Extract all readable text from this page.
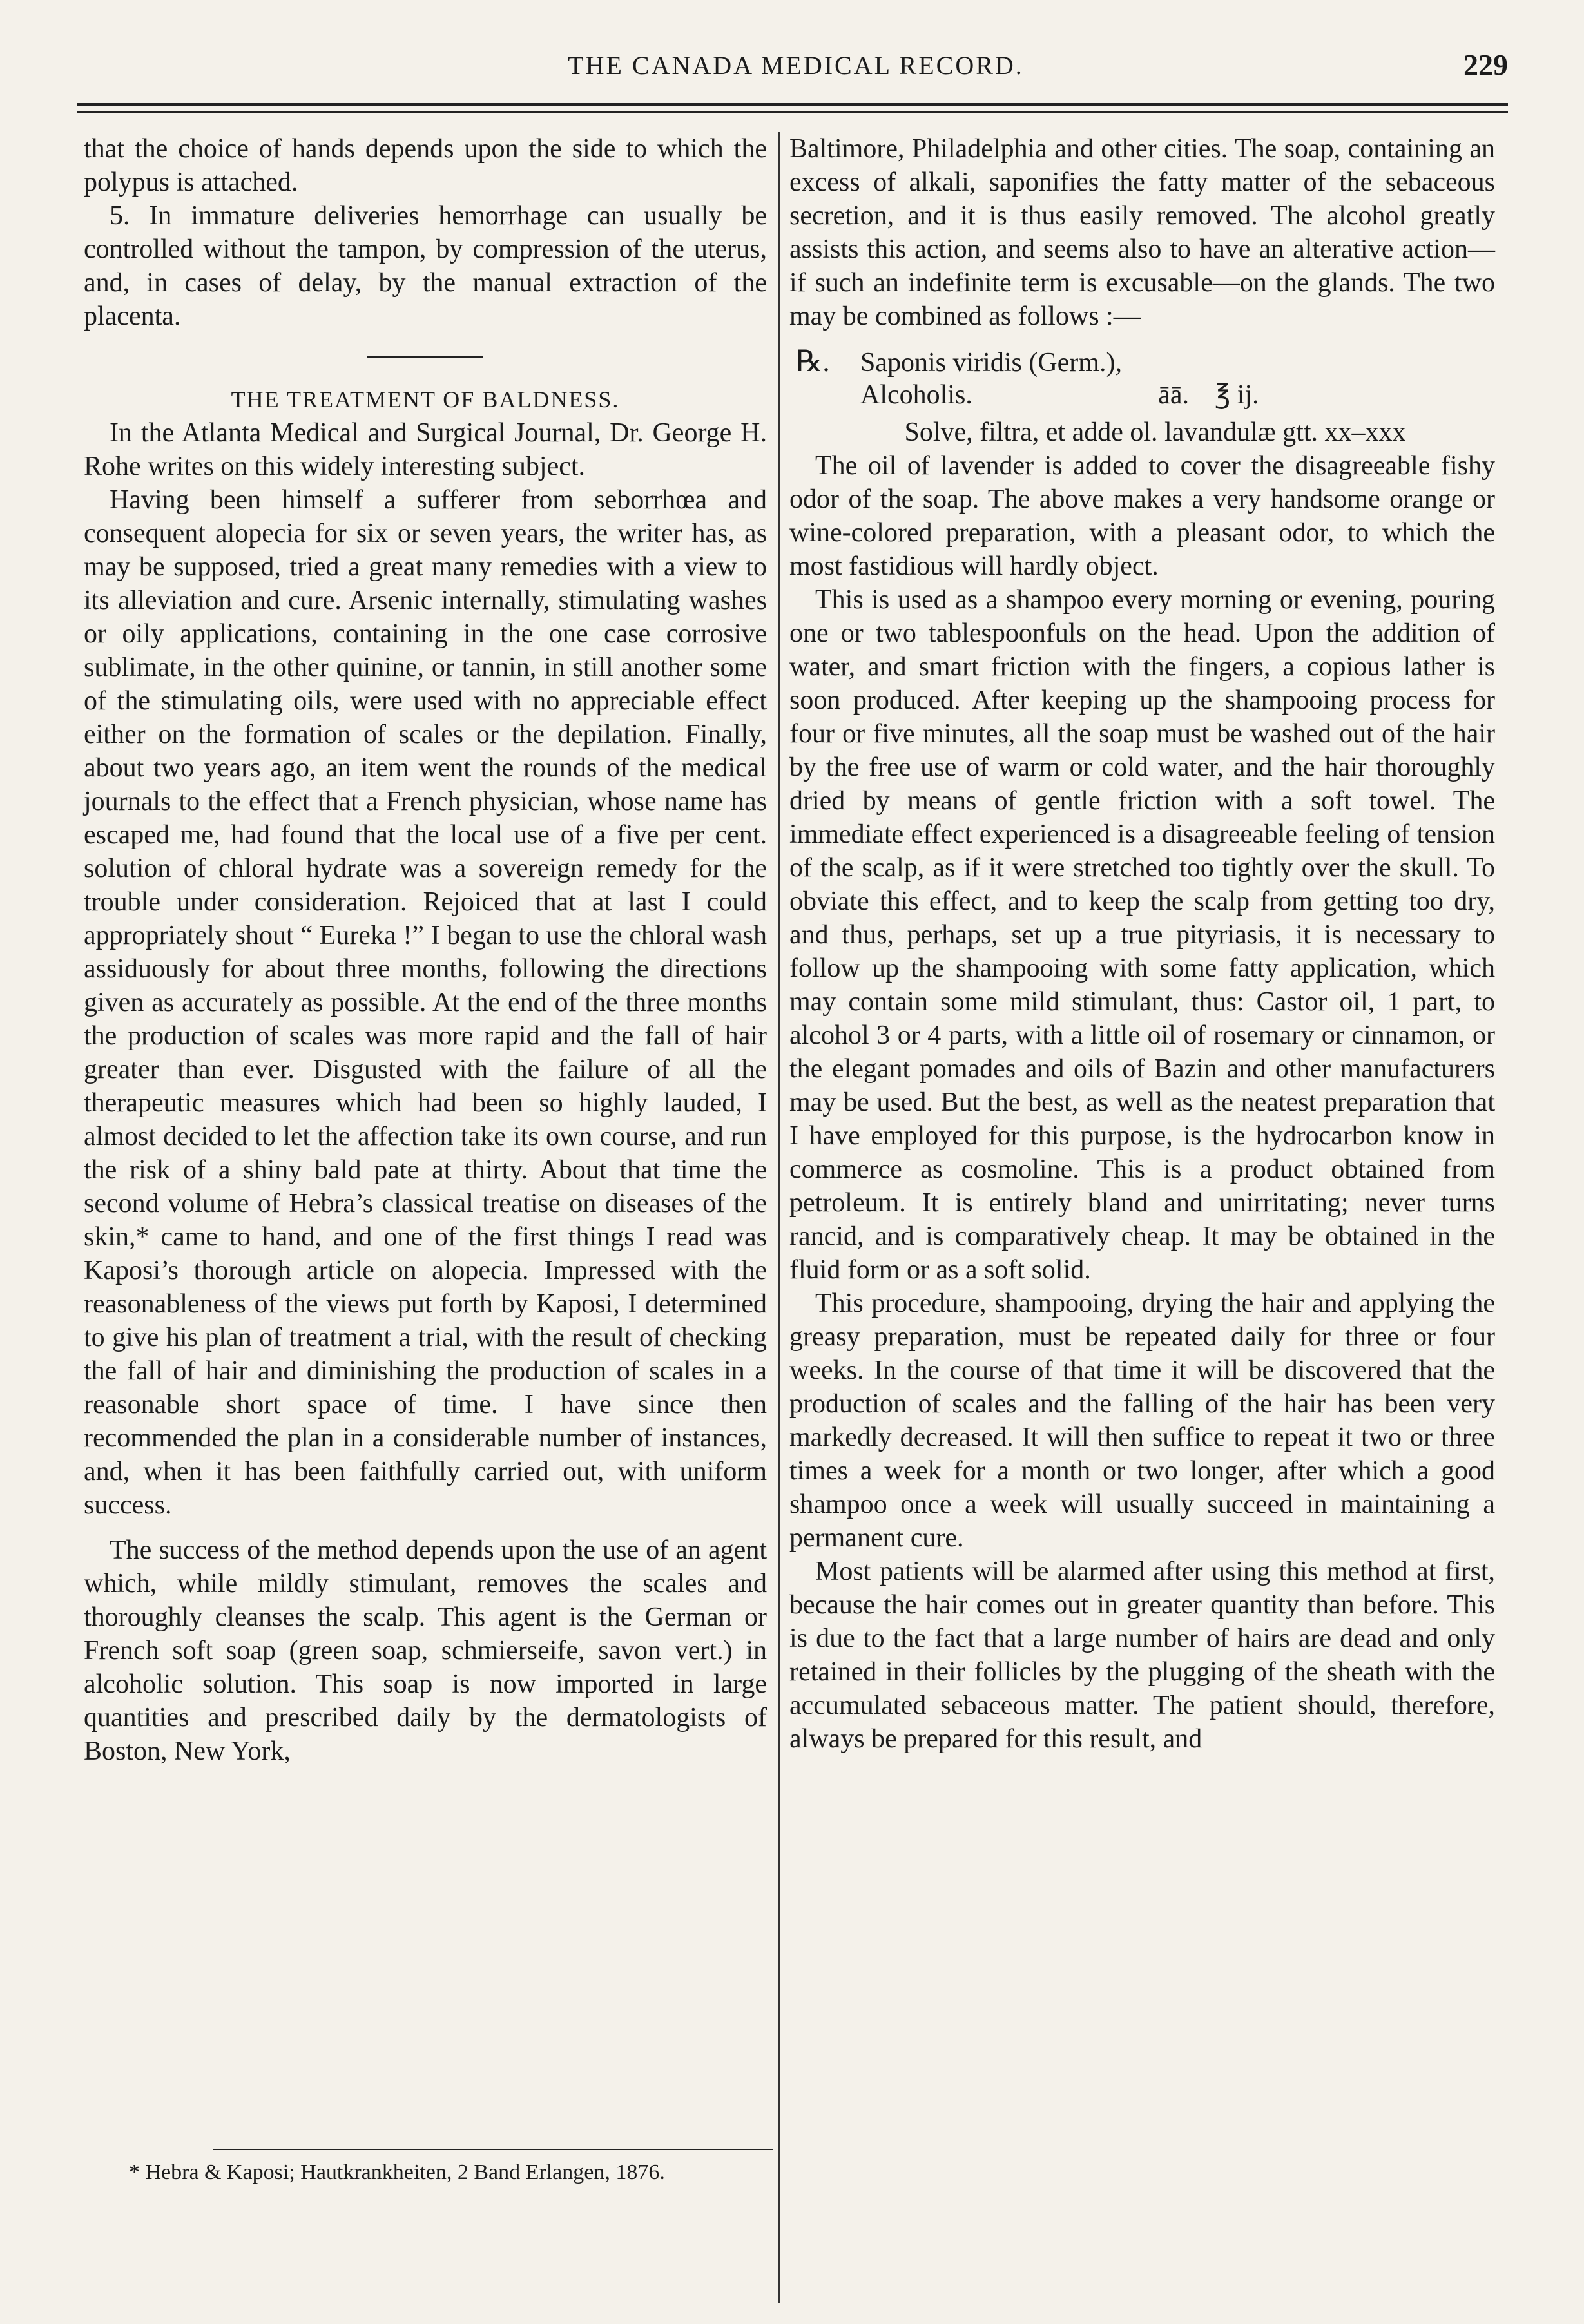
THE CANADA MEDICAL RECORD.	229

that the choice of hands depends upon the side to which the polypus is attached.

5. In immature deliveries hemorrhage can usually be controlled without the tampon, by compression of the uterus, and, in cases of delay, by the manual extraction of the placenta.

THE TREATMENT OF BALDNESS.

In the Atlanta Medical and Surgical Journal, Dr. George H. Rohe writes on this widely interesting subject.

Having been himself a sufferer from seborrhœa and consequent alopecia for six or seven years, the writer has, as may be supposed, tried a great many remedies with a view to its alleviation and cure. Arsenic internally, stimulating washes or oily applications, containing in the one case corrosive sublimate, in the other quinine, or tannin, in still another some of the stimulating oils, were used with no appreciable effect either on the formation of scales or the depilation. Finally, about two years ago, an item went the rounds of the medical journals to the effect that a French physician, whose name has escaped me, had found that the local use of a five per cent. solution of chloral hydrate was a sovereign remedy for the trouble under consideration. Rejoiced that at last I could appropriately shout “ Eureka !” I began to use the chloral wash assiduously for about three months, following the directions given as accurately as possible. At the end of the three months the production of scales was more rapid and the fall of hair greater than ever. Disgusted with the failure of all the therapeutic measures which had been so highly lauded, I almost decided to let the affection take its own course, and run the risk of a shiny bald pate at thirty. About that time the second volume of Hebra’s classical treatise on diseases of the skin,* came to hand, and one of the first things I read was Kaposi’s thorough article on alopecia. Impressed with the reasonableness of the views put forth by Kaposi, I determined to give his plan of treatment a trial, with the result of checking the fall of hair and diminishing the production of scales in a reasonable short space of time. I have since then recommended the plan in a considerable number of instances, and, when it has been faithfully carried out, with uniform success.

The success of the method depends upon the use of an agent which, while mildly stimulant, removes the scales and thoroughly cleanses the scalp. This agent is the German or French soft soap (green soap, schmierseife, savon vert.) in alcoholic solution. This soap is now imported in large quantities and prescribed daily by the dermatologists of Boston, New York,

* Hebra & Kaposi; Hautkrankheiten, 2 Band Erlangen, 1876.

Baltimore, Philadelphia and other cities. The soap, containing an excess of alkali, saponifies the fatty matter of the sebaceous secretion, and it is thus easily removed. The alcohol greatly assists this action, and seems also to have an alterative action—if such an indefinite term is excusable—on the glands. The two may be combined as follows :—

℞.	Saponis viridis (Germ.),
Alcoholis.	āā. ℥ ij.

Solve, filtra, et adde ol. lavandulæ gtt. xx–xxx

The oil of lavender is added to cover the disagreeable fishy odor of the soap. The above makes a very handsome orange or wine-colored preparation, with a pleasant odor, to which the most fastidious will hardly object.

This is used as a shampoo every morning or evening, pouring one or two tablespoonfuls on the head. Upon the addition of water, and smart friction with the fingers, a copious lather is soon produced. After keeping up the shampooing process for four or five minutes, all the soap must be washed out of the hair by the free use of warm or cold water, and the hair thoroughly dried by means of gentle friction with a soft towel. The immediate effect experienced is a disagreeable feeling of tension of the scalp, as if it were stretched too tightly over the skull. To obviate this effect, and to keep the scalp from getting too dry, and thus, perhaps, set up a true pityriasis, it is necessary to follow up the shampooing with some fatty application, which may contain some mild stimulant, thus: Castor oil, 1 part, to alcohol 3 or 4 parts, with a little oil of rosemary or cinnamon, or the elegant pomades and oils of Bazin and other manufacturers may be used. But the best, as well as the neatest preparation that I have employed for this purpose, is the hydrocarbon know in commerce as cosmoline. This is a product obtained from petroleum. It is entirely bland and unirritating; never turns rancid, and is comparatively cheap. It may be obtained in the fluid form or as a soft solid.

This procedure, shampooing, drying the hair and applying the greasy preparation, must be repeated daily for three or four weeks. In the course of that time it will be discovered that the production of scales and the falling of the hair has been very markedly decreased. It will then suffice to repeat it two or three times a week for a month or two longer, after which a good shampoo once a week will usually succeed in maintaining a permanent cure.

Most patients will be alarmed after using this method at first, because the hair comes out in greater quantity than before. This is due to the fact that a large number of hairs are dead and only retained in their follicles by the plugging of the sheath with the accumulated sebaceous matter. The patient should, therefore, always be prepared for this result, and
